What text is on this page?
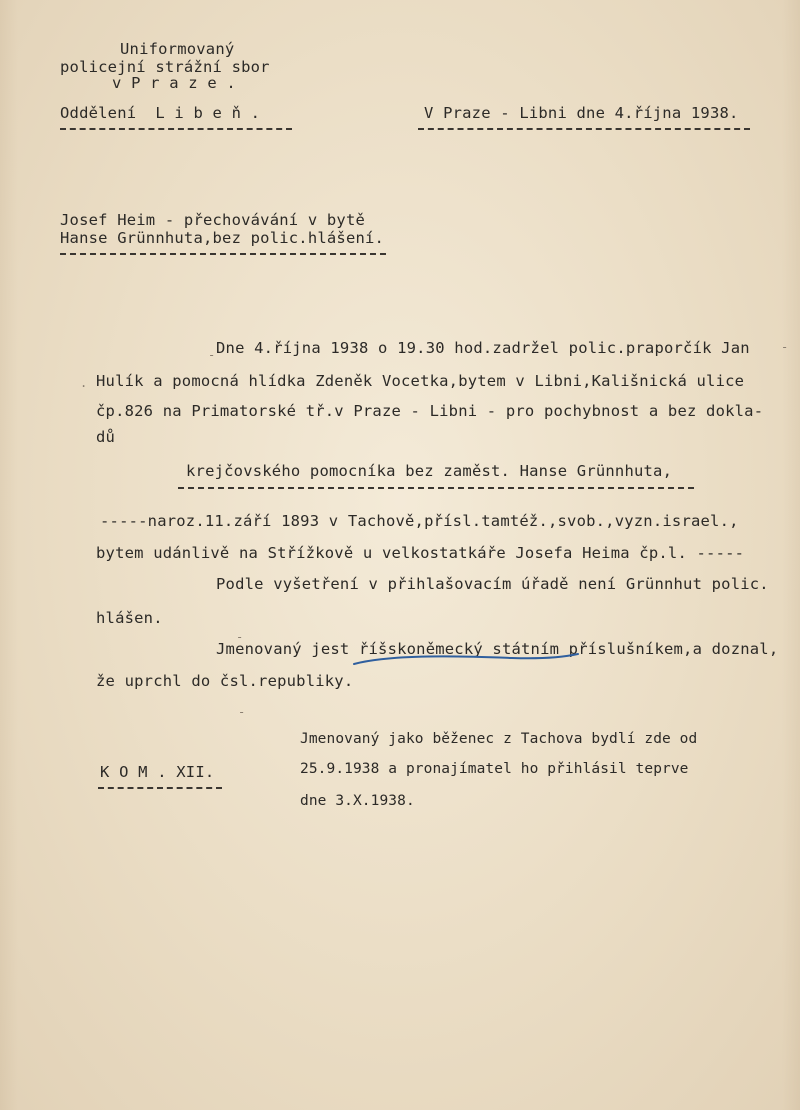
Uniformovaný
policejní strážní sbor
v P r a z e .
Oddělení  L i b e ň .	V Praze - Libni dne 4.října 1938.
Josef Heim - přechovávání v bytě
Hanse Grünnhuta,bez polic.hlášení.
Dne 4.října 1938 o 19.30 hod.zadržel polic.praporčík Jan
Hulík a pomocná hlídka Zdeněk Vocetka,bytem v Libni,Kališnická ulice
čp.826 na Primatorské tř.v Praze - Libni - pro pochybnost a bez dokla-
dů
krejčovského pomocníka bez zaměst. Hanse Grünnhuta,
-----naroz.11.září 1893 v Tachově,přísl.tamtéž.,svob.,vyzn.israel.,
bytem udánlivě na Střížkově u velkostatkáře Josefa Heima čp.l. -----
Podle vyšetření v přihlašovacím úřadě není Grünnhut polic.
hlášen.
Jmenovaný jest říšskoněmecký státním příslušníkem,a doznal,
že uprchl do čsl.republiky.
K O M . XII.
Jmenovaný jako běženec z Tachova bydlí zde od
25.9.1938 a pronajímatel ho přihlásil teprve
dne 3.X.1938.
-
.
-
-
-
